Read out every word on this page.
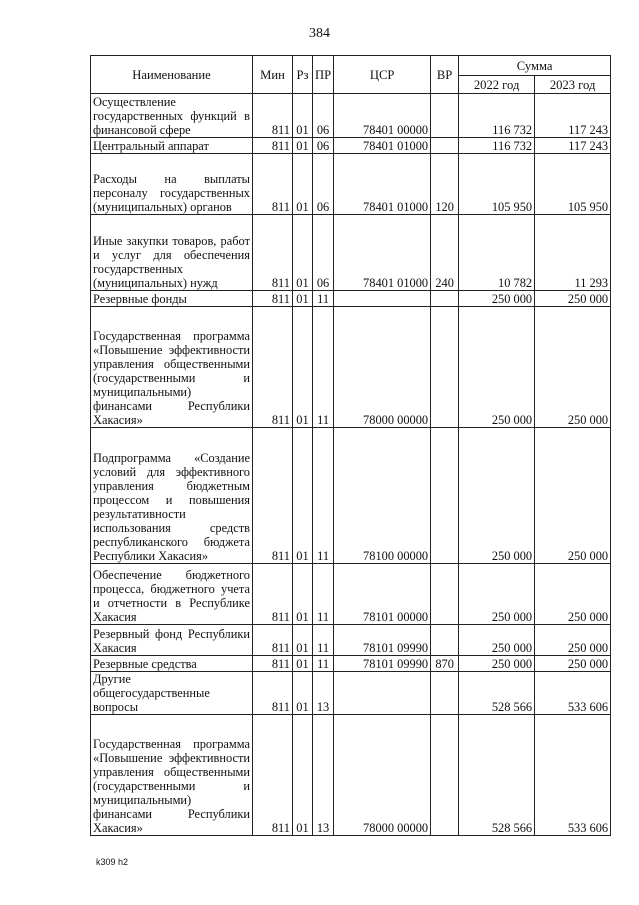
384
Наименование	Мин	Рз	ПР	ЦСР	ВР	Сумма	
						2022 год	2023 год
Осуществление государственных функций в финансовой сфере	811	01	06	78401 00000		116 732	117 243
Центральный аппарат	811	01	06	78401 01000		116 732	117 243
Расходы на выплаты персоналу государственных (муниципальных) органов	811	01	06	78401 01000	120	105 950	105 950
Иные закупки товаров, работ и услуг для обеспечения государственных (муниципальных) нужд	811	01	06	78401 01000	240	10 782	11 293
Резервные фонды	811	01	11			250 000	250 000
Государственная программа «Повышение эффективности управления общественными (государственными и муниципальными) финансами Республики Хакасия»	811	01	11	78000 00000		250 000	250 000
Подпрограмма «Создание условий для эффективного управления бюджетным процессом и повышения результативности использования средств республиканского бюджета Республики Хакасия»	811	01	11	78100 00000		250 000	250 000
Обеспечение бюджетного процесса, бюджетного учета и отчетности в Республике Хакасия	811	01	11	78101 00000		250 000	250 000
Резервный фонд Республики Хакасия	811	01	11	78101 09990		250 000	250 000
Резервные средства	811	01	11	78101 09990	870	250 000	250 000
Другие общегосударственные вопросы	811	01	13			528 566	533 606
Государственная программа «Повышение эффективности управления общественными (государственными и муниципальными) финансами Республики Хакасия»	811	01	13	78000 00000		528 566	533 606
k309 h2
